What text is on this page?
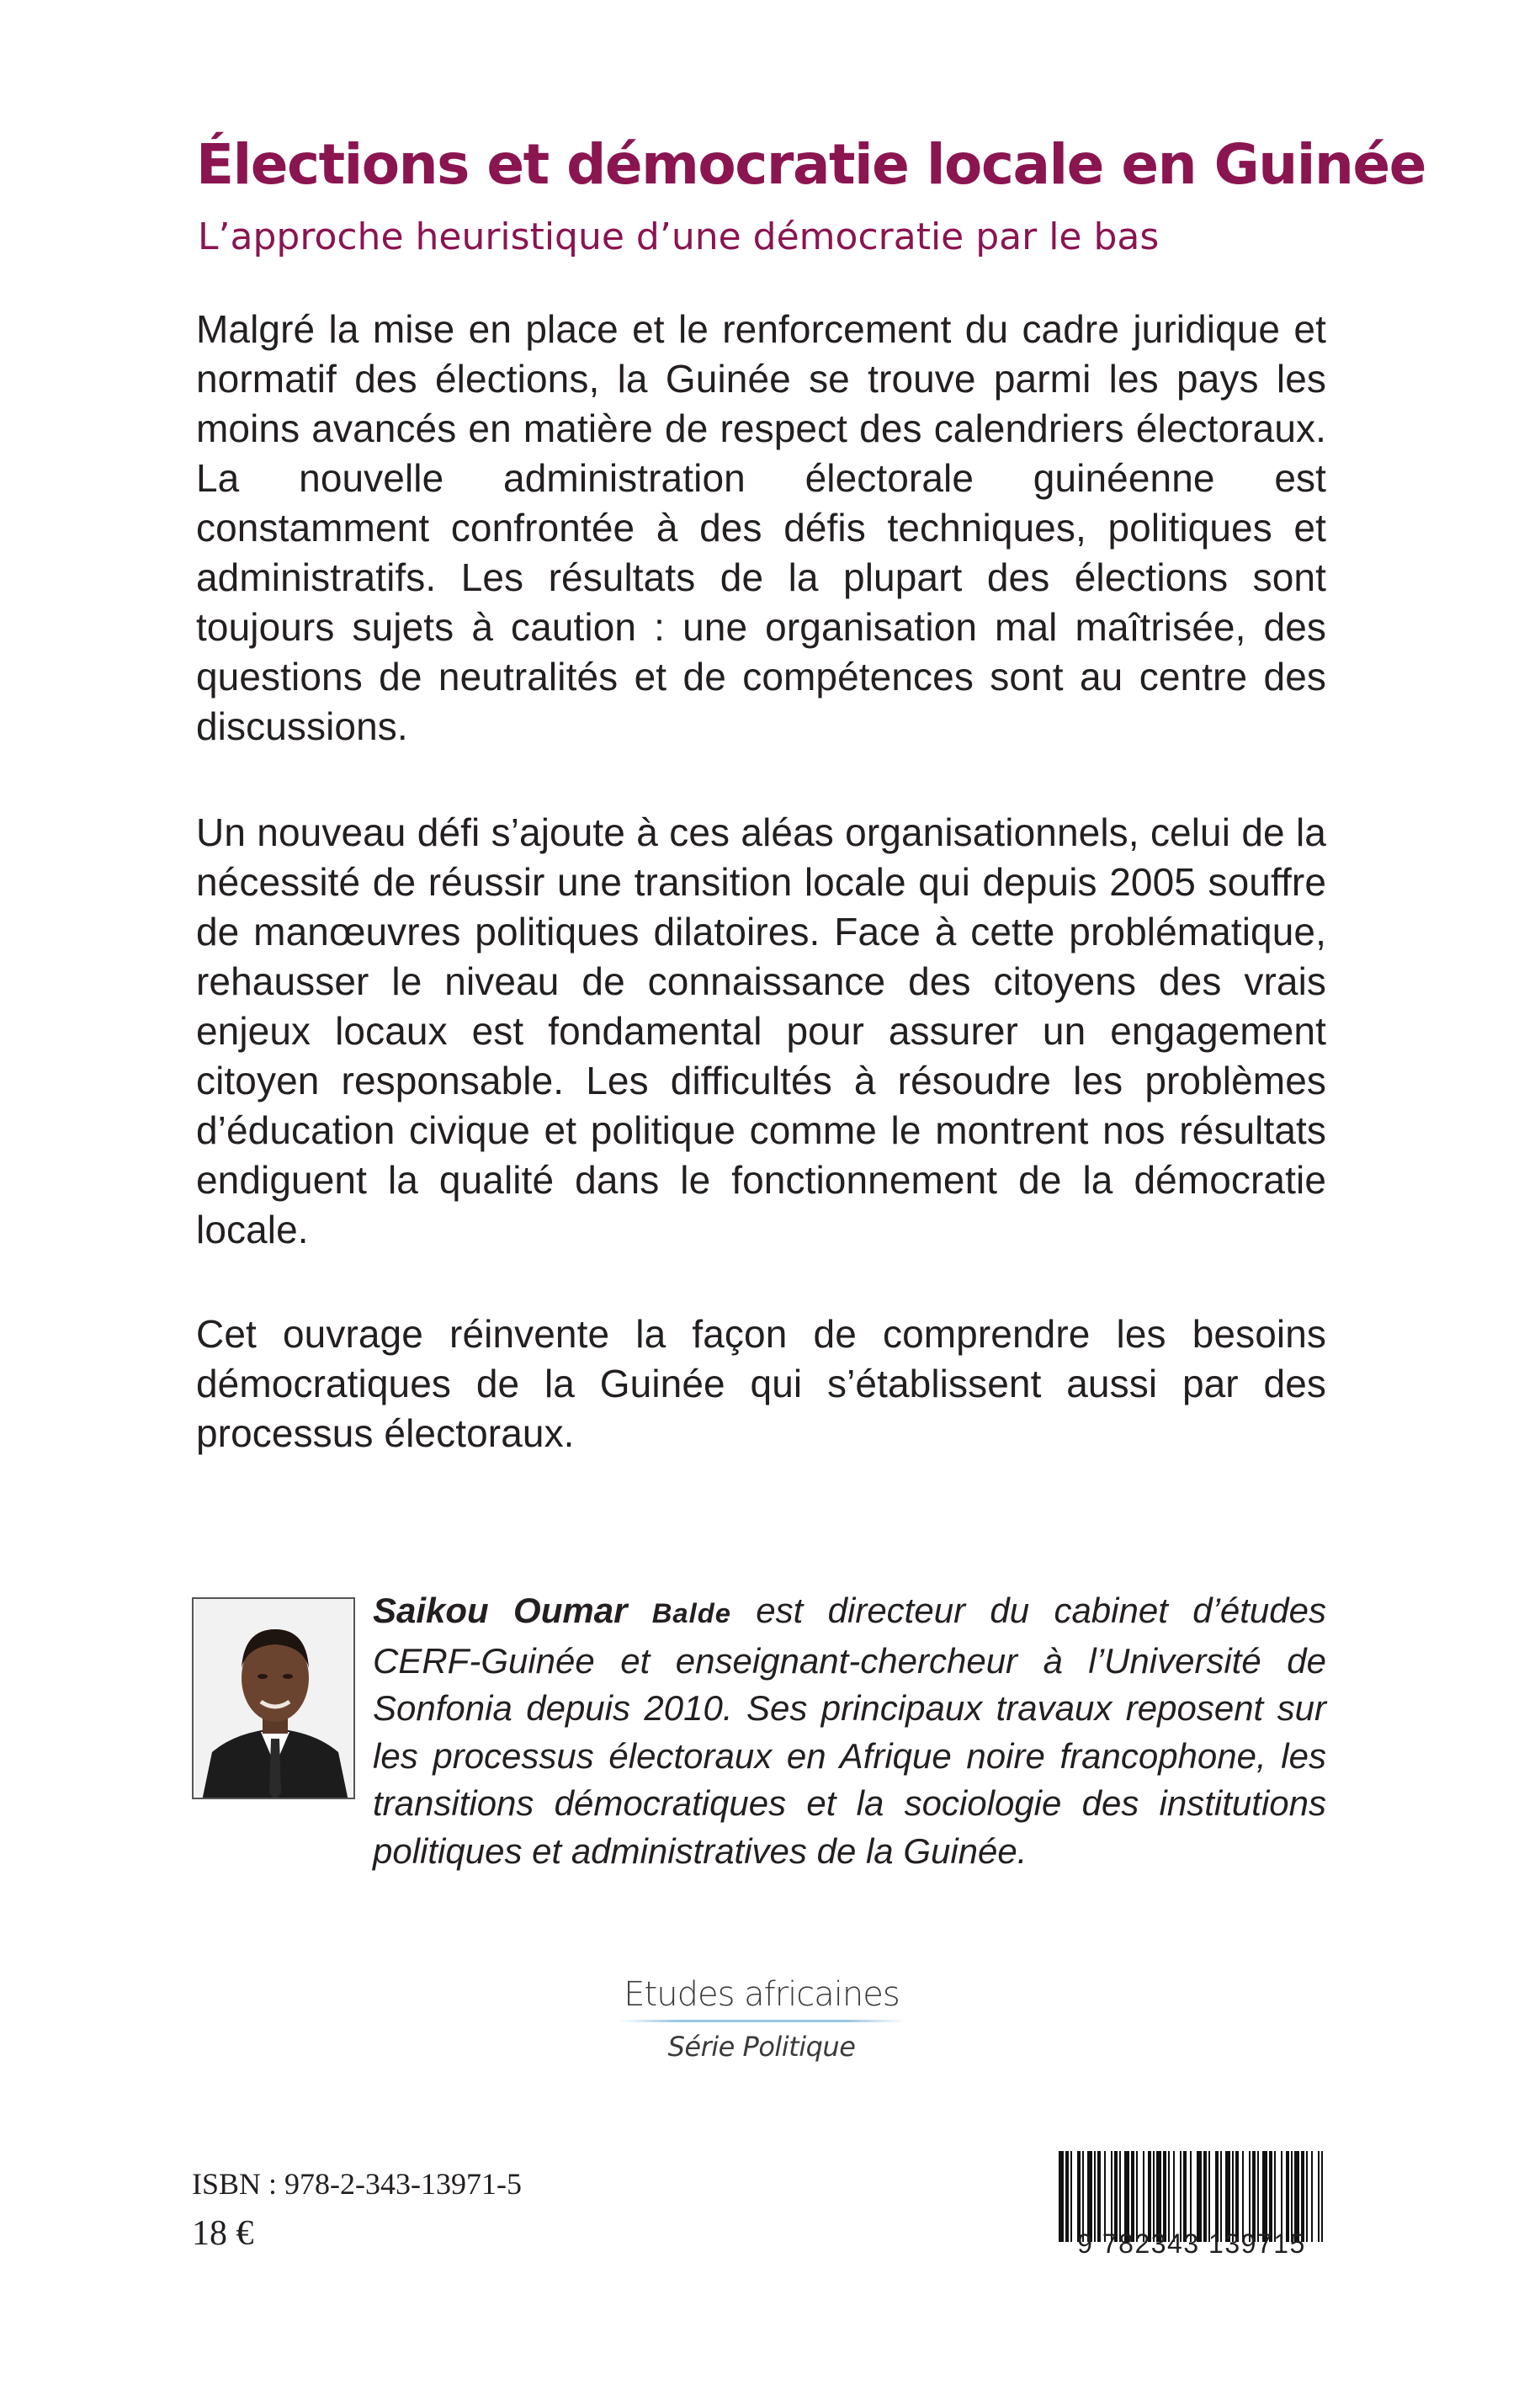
Élections et démocratie locale en Guinée
L’approche heuristique d’une démocratie par le bas

Malgré la mise en place et le renforcement du cadre juridique et normatif des élections, la Guinée se trouve parmi les pays les moins avancés en matière de respect des calendriers électoraux. La nouvelle administration électorale guinéenne est constamment confrontée à des défis techniques, politiques et administratifs. Les résultats de la plupart des élections sont toujours sujets à caution : une organisation mal maîtrisée, des questions de neutralités et de compétences sont au centre des discussions.

Un nouveau défi s’ajoute à ces aléas organisationnels, celui de la nécessité de réussir une transition locale qui depuis 2005 souffre de manœuvres politiques dilatoires. Face à cette problématique, rehausser le niveau de connaissance des citoyens des vrais enjeux locaux est fondamental pour assurer un engagement citoyen responsable. Les difficultés à résoudre les problèmes d’éducation civique et politique comme le montrent nos résultats endiguent la qualité dans le fonctionnement de la démocratie locale.

Cet ouvrage réinvente la façon de comprendre les besoins démocratiques de la Guinée qui s’établissent aussi par des processus électoraux.

Saikou Oumar Balde est directeur du cabinet d’études CERF-Guinée et enseignant-chercheur à l’Université de Sonfonia depuis 2010. Ses principaux travaux reposent sur les processus électoraux en Afrique noire francophone, les transitions démocratiques et la sociologie des institutions politiques et administratives de la Guinée.

Etudes africaines
Série Politique
ISBN : 978-2-343-13971-5
18 €	9 782343 139715
